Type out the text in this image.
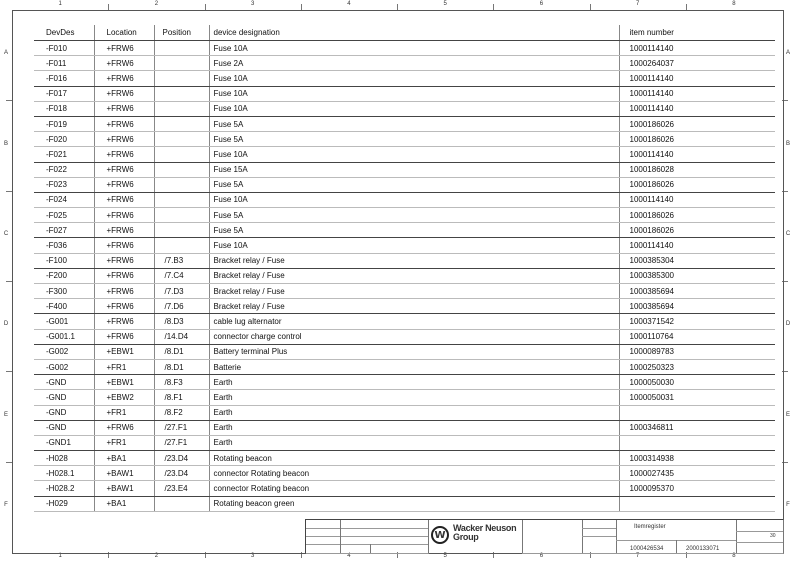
1	2	3	4	5	6	7	8
1	2	3	4	5	6	7	8
A
B
C
D
E
F
A
B
C
D
E
F
DevDes	Location	Position	device designation	item number
-F010	+FRW6		Fuse 10A	1000114140
-F011	+FRW6		Fuse 2A	1000264037
-F016	+FRW6		Fuse 10A	1000114140
-F017	+FRW6		Fuse 10A	1000114140
-F018	+FRW6		Fuse 10A	1000114140
-F019	+FRW6		Fuse 5A	1000186026
-F020	+FRW6		Fuse 5A	1000186026
-F021	+FRW6		Fuse 10A	1000114140
-F022	+FRW6		Fuse 15A	1000186028
-F023	+FRW6		Fuse 5A	1000186026
-F024	+FRW6		Fuse 10A	1000114140
-F025	+FRW6		Fuse 5A	1000186026
-F027	+FRW6		Fuse 5A	1000186026
-F036	+FRW6		Fuse 10A	1000114140
-F100	+FRW6	/7.B3	Bracket relay / Fuse	1000385304
-F200	+FRW6	/7.C4	Bracket relay / Fuse	1000385300
-F300	+FRW6	/7.D3	Bracket relay / Fuse	1000385694
-F400	+FRW6	/7.D6	Bracket relay / Fuse	1000385694
-G001	+FRW6	/8.D3	cable lug alternator	1000371542
-G001.1	+FRW6	/14.D4	connector charge control	1000110764
-G002	+EBW1	/8.D1	Battery terminal Plus	1000089783
-G002	+FR1	/8.D1	Batterie	1000250323
-GND	+EBW1	/8.F3	Earth	1000050030
-GND	+EBW2	/8.F1	Earth	1000050031
-GND	+FR1	/8.F2	Earth	
-GND	+FRW6	/27.F1	Earth	1000346811
-GND1	+FR1	/27.F1	Earth	
-H028	+BA1	/23.D4	Rotating beacon	1000314938
-H028.1	+BAW1	/23.D4	connector Rotating beacon	1000027435
-H028.2	+BAW1	/23.E4	connector Rotating beacon	1000095370
-H029	+BA1		Rotating beacon green	
W
Wacker Neuson
Group
Itemregister
1000426534	2000133071
30
